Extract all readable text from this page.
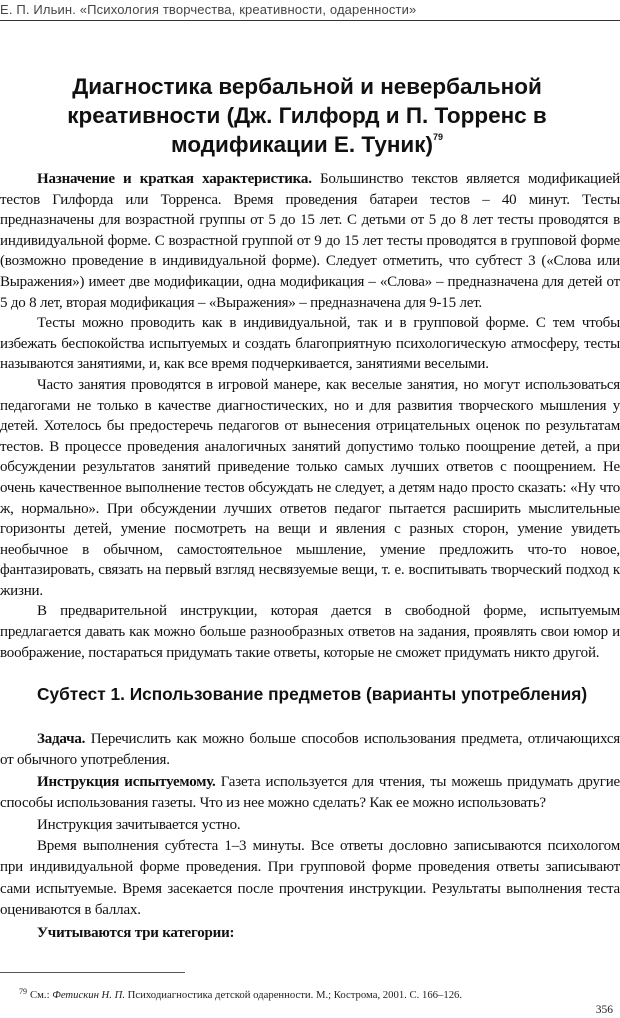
Е. П. Ильин. «Психология творчества, креативности, одаренности»
Диагностика вербальной и невербальной креативности (Дж. Гилфорд и П. Торренс в модификации Е. Туник)$^{79}$

Назначение и краткая характеристика. Большинство текстов является модификацией тестов Гилфорда или Торренса. Время проведения батареи тестов – 40 минут. Тесты предназначены для возрастной группы от 5 до 15 лет. С детьми от 5 до 8 лет тесты проводятся в индивидуальной форме. С возрастной группой от 9 до 15 лет тесты проводятся в групповой форме (возможно проведение в индивидуальной форме). Следует отметить, что субтест 3 («Слова или Выражения») имеет две модификации, одна модификация – «Слова» – предназначена для детей от 5 до 8 лет, вторая модификация – «Выражения» – предназначена для 9-15 лет.

Тесты можно проводить как в индивидуальной, так и в групповой форме. С тем чтобы избежать беспокойства испытуемых и создать благоприятную психологическую атмосферу, тесты называются занятиями, и, как все время подчеркивается, занятиями веселыми.

Часто занятия проводятся в игровой манере, как веселые занятия, но могут использоваться педагогами не только в качестве диагностических, но и для развития творческого мышления у детей. Хотелось бы предостеречь педагогов от вынесения отрицательных оценок по результатам тестов. В процессе проведения аналогичных занятий допустимо только поощрение детей, а при обсуждении результатов занятий приведение только самых лучших ответов с поощрением. Не очень качественное выполнение тестов обсуждать не следует, а детям надо просто сказать: «Ну что ж, нормально». При обсуждении лучших ответов педагог пытается расширить мыслительные горизонты детей, умение посмотреть на вещи и явления с разных сторон, умение увидеть необычное в обычном, самостоятельное мышление, умение предложить что-то новое, фантазировать, связать на первый взгляд несвязуемые вещи, т. е. воспитывать творческий подход к жизни.

В предварительной инструкции, которая дается в свободной форме, испытуемым предлагается давать как можно больше разнообразных ответов на задания, проявлять свои юмор и воображение, постараться придумать такие ответы, которые не сможет придумать никто другой.

Субтест 1. Использование предметов (варианты употребления)

Задача. Перечислить как можно больше способов использования предмета, отличающихся от обычного употребления.

Инструкция испытуемому. Газета используется для чтения, ты можешь придумать другие способы использования газеты. Что из нее можно сделать? Как ее можно использовать?

Инструкция зачитывается устно.

Время выполнения субтеста 1–3 минуты. Все ответы дословно записываются психологом при индивидуальной форме проведения. При групповой форме проведения ответы записывают сами испытуемые. Время засекается после прочтения инструкции. Результаты выполнения теста оцениваются в баллах.

Учитываются три категории:

$^{79}$ См.: Фетискин Н. П. Психодиагностика детской одаренности. М.; Кострома, 2001. С. 166–126.

356
